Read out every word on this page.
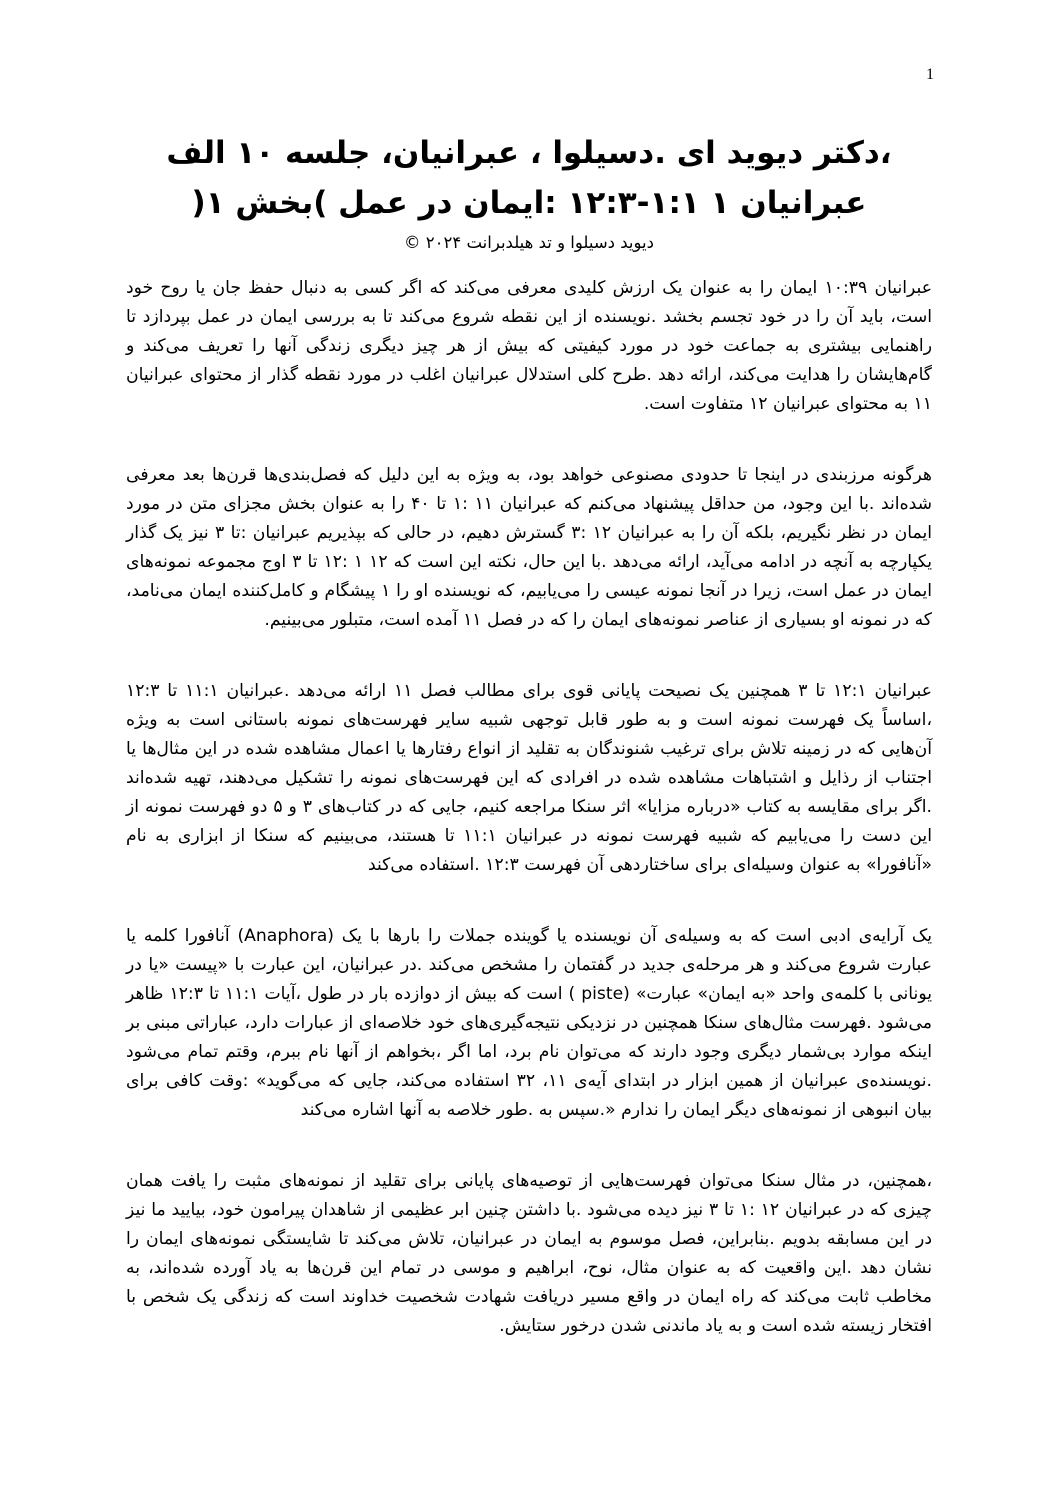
1
،دکتر دیوید ای .دسیلوا ، عبرانیان، جلسه ۱۰ الف
عبرانیان ۱ ۱:۱-۱۲:۳ :ایمان در عمل )بخش ۱(
دیوید دسیلوا و تد هیلدبرانت ۲۰۲۴ ©

عبرانیان ۱۰:۳۹ ایمان را به عنوان یک ارزش کلیدی معرفی می‌کند که اگر کسی به دنبال حفظ جان یا روح خود است، باید آن را در خود تجسم بخشد .نویسنده از این نقطه شروع می‌کند تا به بررسی ایمان در عمل بپردازد تا راهنمایی بیشتری به جماعت خود در مورد کیفیتی که بیش از هر چیز دیگری زندگی آنها را تعریف می‌کند و گام‌هایشان را هدایت می‌کند، ارائه دهد .طرح کلی استدلال عبرانیان اغلب در مورد نقطه گذار از محتوای عبرانیان ۱۱ به محتوای عبرانیان ۱۲ متفاوت است.

هرگونه مرزبندی در اینجا تا حدودی مصنوعی خواهد بود، به ویژه به این دلیل که فصل‌بندی‌ها قرن‌ها بعد معرفی شده‌اند .با این وجود، من حداقل پیشنهاد می‌کنم که عبرانیان ۱۱ :۱ تا ۴۰ را به عنوان بخش مجزای متن در مورد ایمان در نظر نگیریم، بلکه آن را به عبرانیان ۱۲ :۳ گسترش دهیم، در حالی که بپذیریم عبرانیان :تا ۳ نیز یک گذار یکپارچه به آنچه در ادامه می‌آید، ارائه می‌دهد .با این حال، نکته این است که ۱۲ ۱ :۱۲ تا ۳ اوج مجموعه نمونه‌های ایمان در عمل است، زیرا در آنجا نمونه عیسی را می‌یابیم، که نویسنده او را ۱ پیشگام و کامل‌کننده ایمان می‌نامد، که در نمونه او بسیاری از عناصر نمونه‌های ایمان را که در فصل ۱۱ آمده است، متبلور می‌بینیم.

عبرانیان ۱۲:۱ تا ۳ همچنین یک نصیحت پایانی قوی برای مطالب فصل ۱۱ ارائه می‌دهد .عبرانیان ۱۱:۱ تا ۱۲:۳ ،اساساً یک فهرست نمونه است و به طور قابل توجهی شبیه سایر فهرست‌های نمونه باستانی است به ویژه آن‌هایی که در زمینه تلاش برای ترغیب شنوندگان به تقلید از انواع رفتارها یا اعمال مشاهده شده در این مثال‌ها یا اجتناب از رذایل و اشتباهات مشاهده شده در افرادی که این فهرست‌های نمونه را تشکیل می‌دهند، تهیه شده‌اند .اگر برای مقایسه به کتاب «درباره مزایا» اثر سنکا مراجعه کنیم، جایی که در کتاب‌های ۳ و ۵ دو فهرست نمونه از این دست را می‌یابیم که شبیه فهرست نمونه در عبرانیان ۱۱:۱ تا هستند، می‌بینیم که سنکا از ابزاری به نام «آنافورا» به عنوان وسیله‌ای برای ساختاردهی آن فهرست ۱۲:۳ .استفاده می‌کند

یک آرایه‌ی ادبی است که به وسیله‌ی آن نویسنده یا گوینده جملات را بارها با یک (Anaphora) آنافورا کلمه یا عبارت شروع می‌کند و هر مرحله‌ی جدید در گفتمان را مشخص می‌کند .در عبرانیان، این عبارت با «پیست «یا در یونانی با کلمه‌ی واحد «به ایمان» عبارت» (piste ) است که بیش از دوازده بار در طول ،آیات ۱۱:۱ تا ۱۲:۳ ظاهر می‌شود .فهرست مثال‌های سنکا همچنین در نزدیکی نتیجه‌گیری‌های خود خلاصه‌ای از عبارات دارد، عباراتی مبنی بر اینکه موارد بی‌شمار دیگری وجود دارند که می‌توان نام برد، اما اگر ،بخواهم از آنها نام ببرم، وقتم تمام می‌شود .نویسنده‌ی عبرانیان از همین ابزار در ابتدای آیه‌ی ۱۱، ۳۲ استفاده می‌کند، جایی که می‌گوید» :وقت کافی برای بیان انبوهی از نمونه‌های دیگر ایمان را ندارم «.سپس به .طور خلاصه به آنها اشاره می‌کند

،همچنین، در مثال سنکا می‌توان فهرست‌هایی از توصیه‌های پایانی برای تقلید از نمونه‌های مثبت را یافت همان چیزی که در عبرانیان ۱۲ :۱ تا ۳ نیز دیده می‌شود .با داشتن چنین ابر عظیمی از شاهدان پیرامون خود، بیایید ما نیز در این مسابقه بدویم .بنابراین، فصل موسوم به ایمان در عبرانیان، تلاش می‌کند تا شایستگی نمونه‌های ایمان را نشان دهد .این واقعیت که به عنوان مثال، نوح، ابراهیم و موسی در تمام این قرن‌ها به یاد آورده شده‌اند، به مخاطب ثابت می‌کند که راه ایمان در واقع مسیر دریافت شهادت شخصیت خداوند است که زندگی یک شخص با افتخار زیسته شده است و به یاد ماندنی شدن درخور ستایش.
